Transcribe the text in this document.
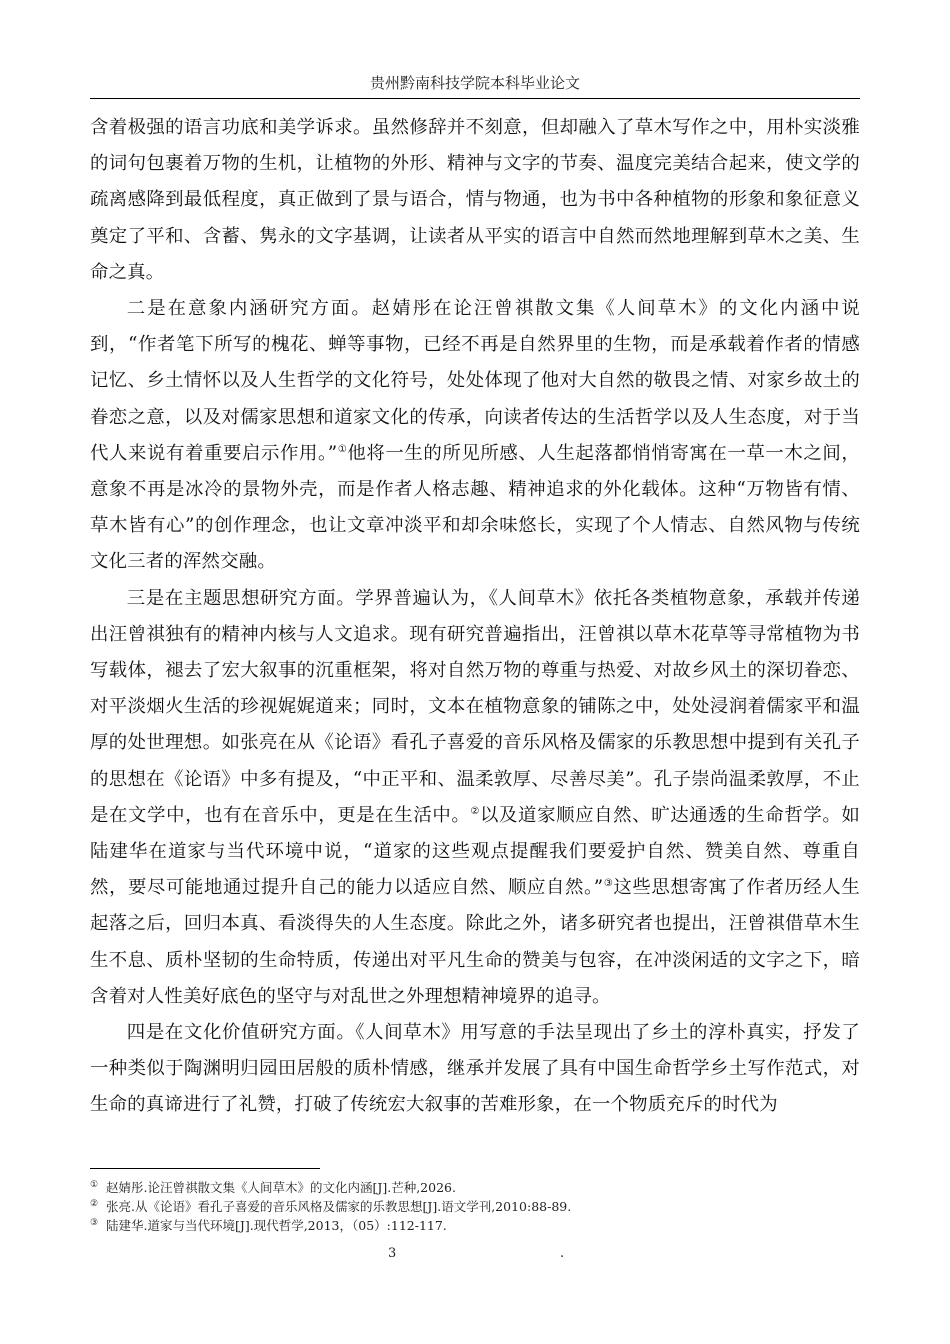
贵州黔南科技学院本科毕业论文

含着极强的语言功底和美学诉求。虽然修辞并不刻意，但却融入了草木写作之中，用朴实淡雅的词句包裹着万物的生机，让植物的外形、精神与文字的节奏、温度完美结合起来，使文学的疏离感降到最低程度，真正做到了景与语合，情与物通，也为书中各种植物的形象和象征意义奠定了平和、含蓄、隽永的文字基调，让读者从平实的语言中自然而然地理解到草木之美、生命之真。

二是在意象内涵研究方面。赵婧彤在论汪曾祺散文集《人间草木》的文化内涵中说到，“作者笔下所写的槐花、蝉等事物，已经不再是自然界里的生物，而是承载着作者的情感记忆、乡土情怀以及人生哲学的文化符号，处处体现了他对大自然的敬畏之情、对家乡故土的眷恋之意，以及对儒家思想和道家文化的传承，向读者传达的生活哲学以及人生态度，对于当代人来说有着重要启示作用。”①他将一生的所见所感、人生起落都悄悄寄寓在一草一木之间，意象不再是冰冷的景物外壳，而是作者人格志趣、精神追求的外化载体。这种“万物皆有情、草木皆有心”的创作理念，也让文章冲淡平和却余味悠长，实现了个人情志、自然风物与传统文化三者的浑然交融。

三是在主题思想研究方面。学界普遍认为，《人间草木》依托各类植物意象，承载并传递出汪曾祺独有的精神内核与人文追求。现有研究普遍指出，汪曾祺以草木花草等寻常植物为书写载体，褪去了宏大叙事的沉重框架，将对自然万物的尊重与热爱、对故乡风土的深切眷恋、对平淡烟火生活的珍视娓娓道来；同时，文本在植物意象的铺陈之中，处处浸润着儒家平和温厚的处世理想。如张亮在从《论语》看孔子喜爱的音乐风格及儒家的乐教思想中提到有关孔子的思想在《论语》中多有提及，“中正平和、温柔敦厚、尽善尽美”。孔子崇尚温柔敦厚，不止是在文学中，也有在音乐中，更是在生活中。②以及道家顺应自然、旷达通透的生命哲学。如陆建华在道家与当代环境中说，“道家的这些观点提醒我们要爱护自然、赞美自然、尊重自然，要尽可能地通过提升自己的能力以适应自然、顺应自然。”③这些思想寄寓了作者历经人生起落之后，回归本真、看淡得失的人生态度。除此之外，诸多研究者也提出，汪曾祺借草木生生不息、质朴坚韧的生命特质，传递出对平凡生命的赞美与包容，在冲淡闲适的文字之下，暗含着对人性美好底色的坚守与对乱世之外理想精神境界的追寻。

四是在文化价值研究方面。《人间草木》用写意的手法呈现出了乡土的淳朴真实，抒发了一种类似于陶渊明归园田居般的质朴情感，继承并发展了具有中国生命哲学乡土写作范式，对生命的真谛进行了礼赞，打破了传统宏大叙事的苦难形象，在一个物质充斥的时代为

① 赵婧彤.论汪曾祺散文集《人间草木》的文化内涵[J].芒种,2026.
② 张亮.从《论语》看孔子喜爱的音乐风格及儒家的乐教思想[J].语文学刊,2010:88-89.
③ 陆建华.道家与当代环境[J].现代哲学,2013，（05）:112-117.
3	.
